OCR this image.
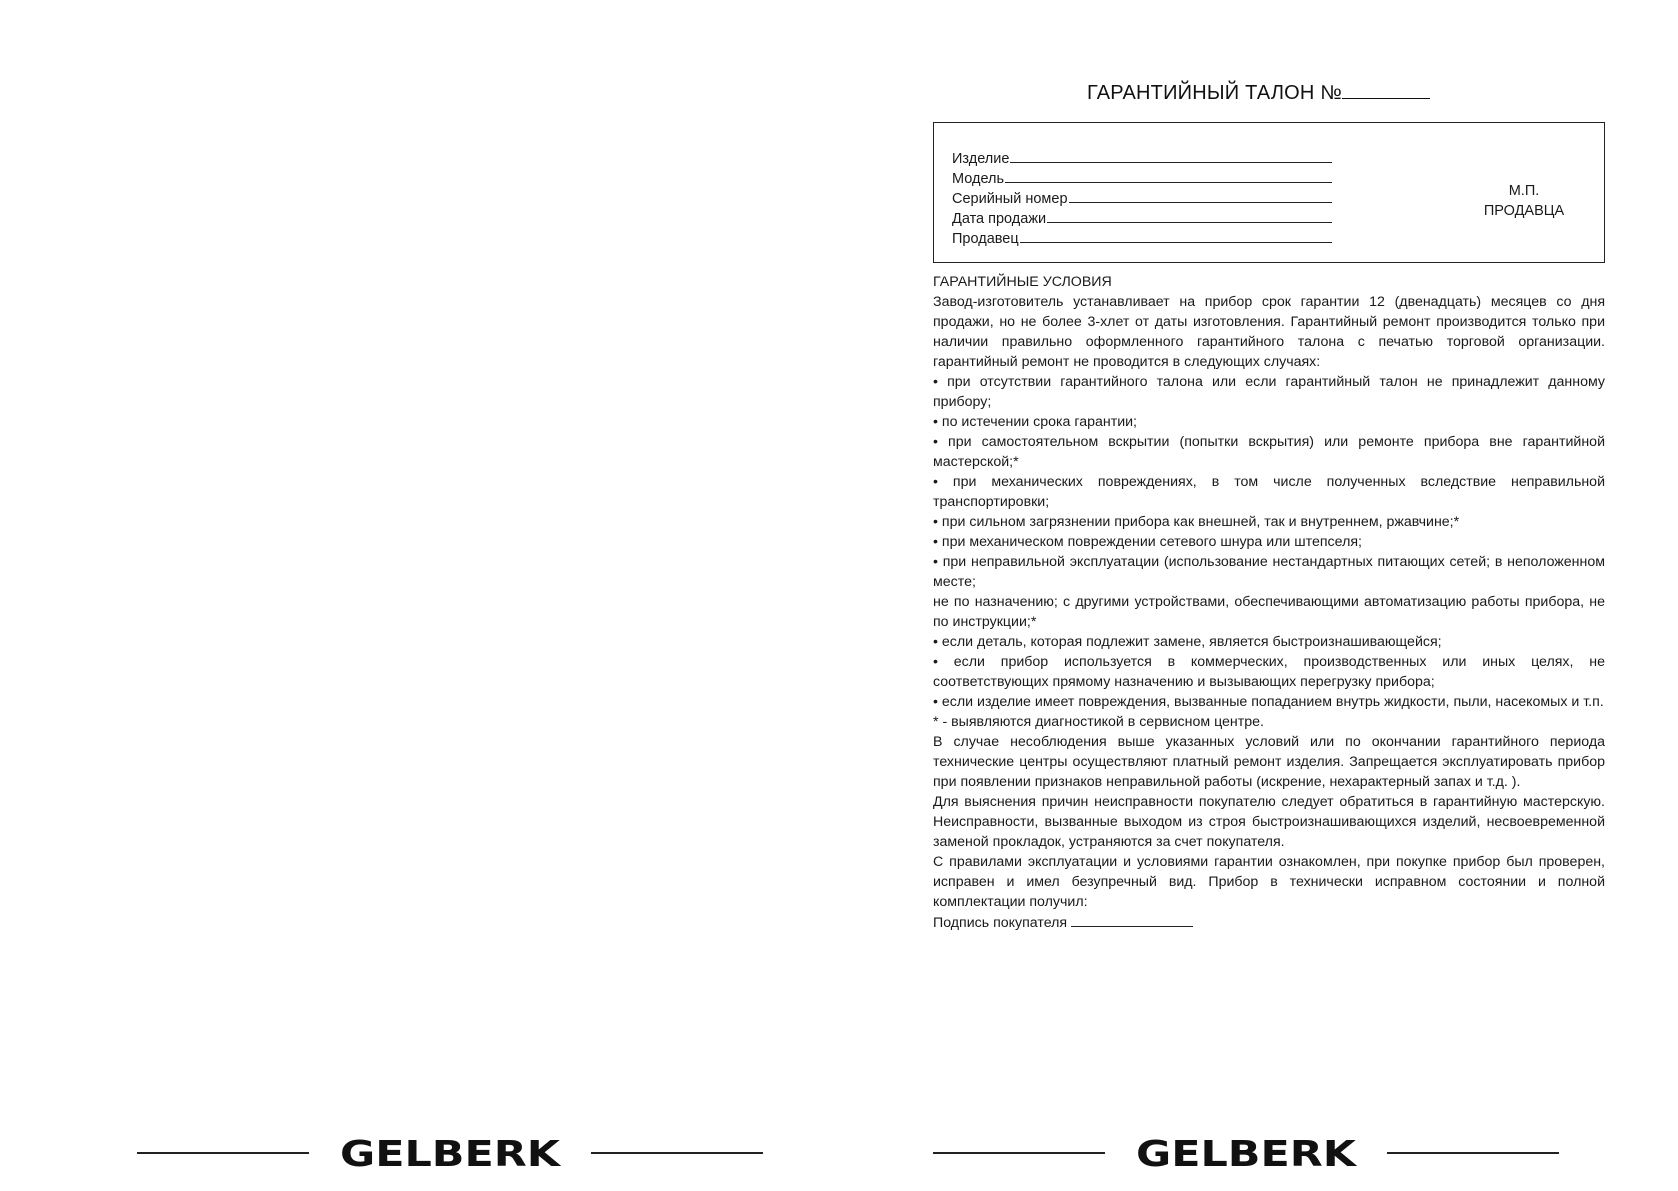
GELBERK
ГАРАНТИЙНЫЙ ТАЛОН №
Изделие
Модель
Серийный номер
Дата продажи
Продавец
М.П.
ПРОДАВЦА

ГАРАНТИЙНЫЕ УСЛОВИЯ

Завод-изготовитель устанавливает на прибор срок гарантии 12 (двенадцать) месяцев со дня продажи, но не более 3-хлет от даты изготовления. Гарантийный ремонт производится только при наличии правильно оформленного гарантийного талона с печатью торговой организации. гарантийный ремонт не проводится в следующих случаях:

• при отсутствии гарантийного талона или если гарантийный талон не принадлежит данному прибору;

• по истечении срока гарантии;

• при самостоятельном вскрытии (попытки вскрытия) или ремонте прибора вне гарантийной мастерской;*

• при механических повреждениях, в том числе полученных вследствие неправильной транспортировки;

• при сильном загрязнении прибора как внешней, так и внутреннем, ржавчине;*

• при механическом повреждении сетевого шнура или штепселя;

• при неправильной эксплуатации (использование нестандартных питающих сетей; в неположенном месте;

не по назначению; с другими устройствами, обеспечивающими автоматизацию работы прибора, не по инструкции;*

• если деталь, которая подлежит замене, является быстроизнашивающейся;

• если прибор используется в коммерческих, производственных или иных целях, не соответствующих прямому назначению и вызывающих перегрузку прибора;

• если изделие имеет повреждения, вызванные попаданием внутрь жидкости, пыли, насекомых и т.п.

* - выявляются диагностикой в сервисном центре.

В случае несоблюдения выше указанных условий или по окончании гарантийного периода технические центры осуществляют платный ремонт изделия. Запрещается эксплуатировать прибор при появлении признаков неправильной работы (искрение, нехарактерный запах и т.д. ).

Для выяснения причин неисправности покупателю следует обратиться в гарантийную мастерскую. Неисправности, вызванные выходом из строя быстроизнашивающихся изделий, несвоевременной заменой прокладок, устраняются за счет покупателя.

С правилами эксплуатации и условиями гарантии ознакомлен, при покупке прибор был проверен, исправен и имел безупречный вид. Прибор в технически исправном состоянии и полной комплектации получил:

Подпись покупателя

GELBERK
